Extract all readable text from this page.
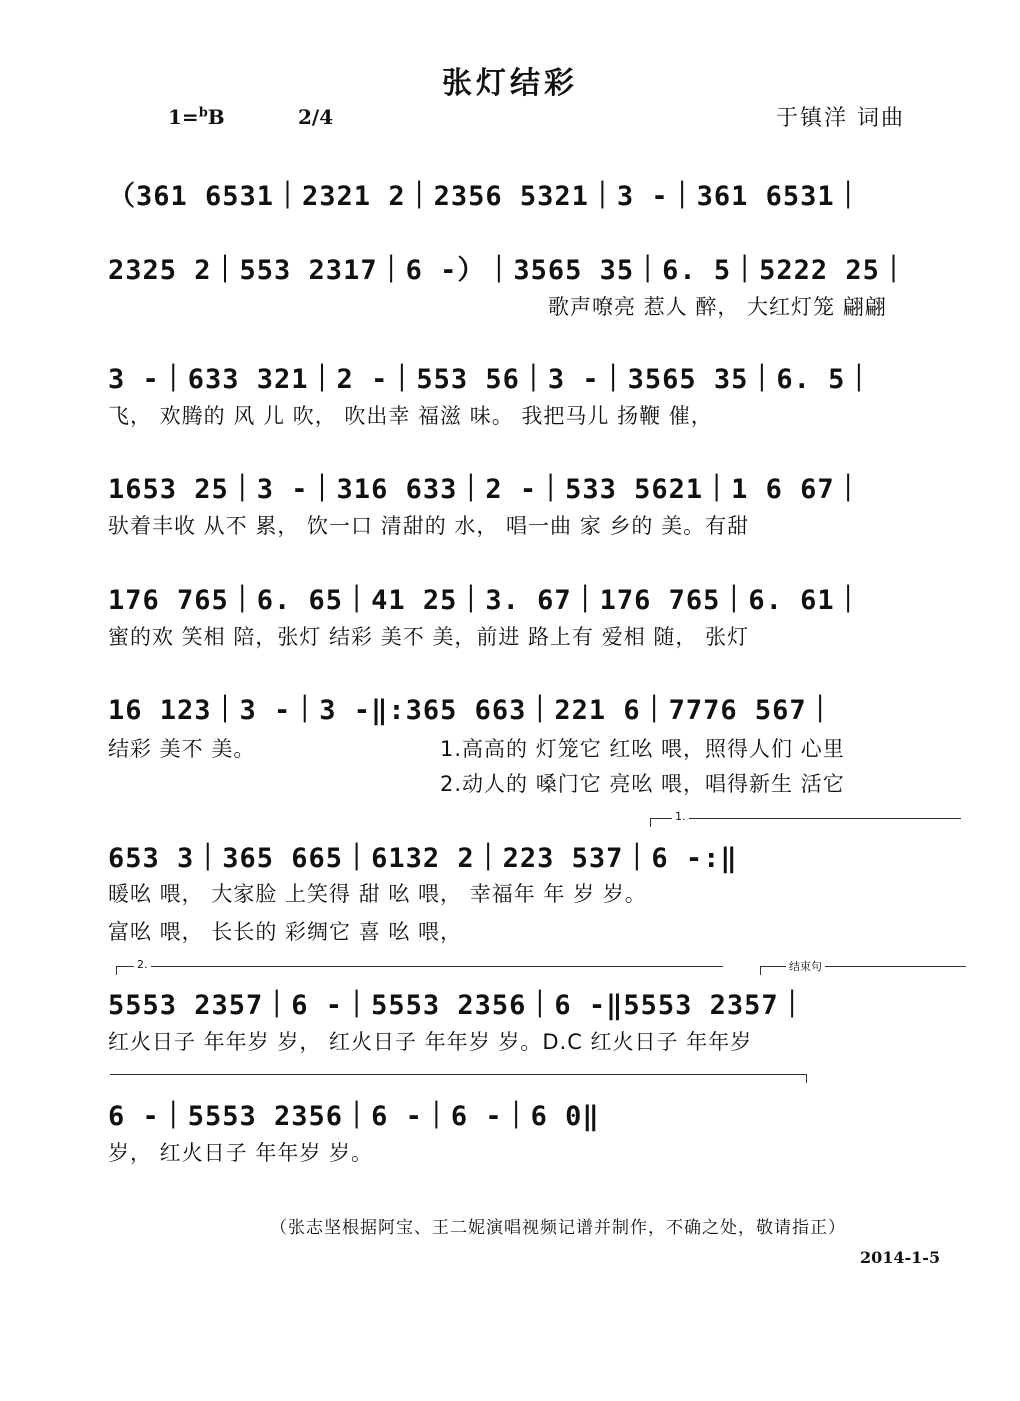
张灯结彩
1=$^b$B	2/4	于镇洋 词曲
（361 6531｜2321 2｜2356 5321｜3 -｜361 6531｜
2325 2｜553 2317｜6 -）｜3565 35｜6. 5｜5222 25｜
歌声嘹亮 惹人 醉， 大红灯笼 翩翩
3 -｜633 321｜2 -｜553 56｜3 -｜3565 35｜6. 5｜
飞， 欢腾的 风 儿 吹， 吹出幸 福滋 味。 我把马儿 扬鞭 催，
1653 25｜3 -｜316 633｜2 -｜533 5621｜1 6 67｜
驮着丰收 从不 累， 饮一口 清甜的 水， 唱一曲 家 乡的 美。有甜
176 765｜6. 65｜41 25｜3. 67｜176 765｜6. 61｜
蜜的欢 笑相 陪，张灯 结彩 美不 美，前进 路上有 爱相 随， 张灯
16 123｜3 -｜3 -‖:365 663｜221 6｜7776 567｜
结彩 美不 美。	1.高高的 灯笼它 红吆 喂，照得人们 心里
2.动人的 嗓门它 亮吆 喂，唱得新生 活它
1.
653 3｜365 665｜6132 2｜223 537｜6 -:‖
暖吆 喂， 大家脸 上笑得 甜 吆 喂， 幸福年 年 岁 岁。
富吆 喂， 长长的 彩绸它 喜 吆 喂，
2.	结束句
5553 2357｜6 -｜5553 2356｜6 -‖5553 2357｜
红火日子 年年岁 岁， 红火日子 年年岁 岁。D.C 红火日子 年年岁
6 -｜5553 2356｜6 -｜6 -｜6 0‖
岁， 红火日子 年年岁 岁。
（张志坚根据阿宝、王二妮演唱视频记谱并制作，不确之处，敬请指正）
2014-1-5
